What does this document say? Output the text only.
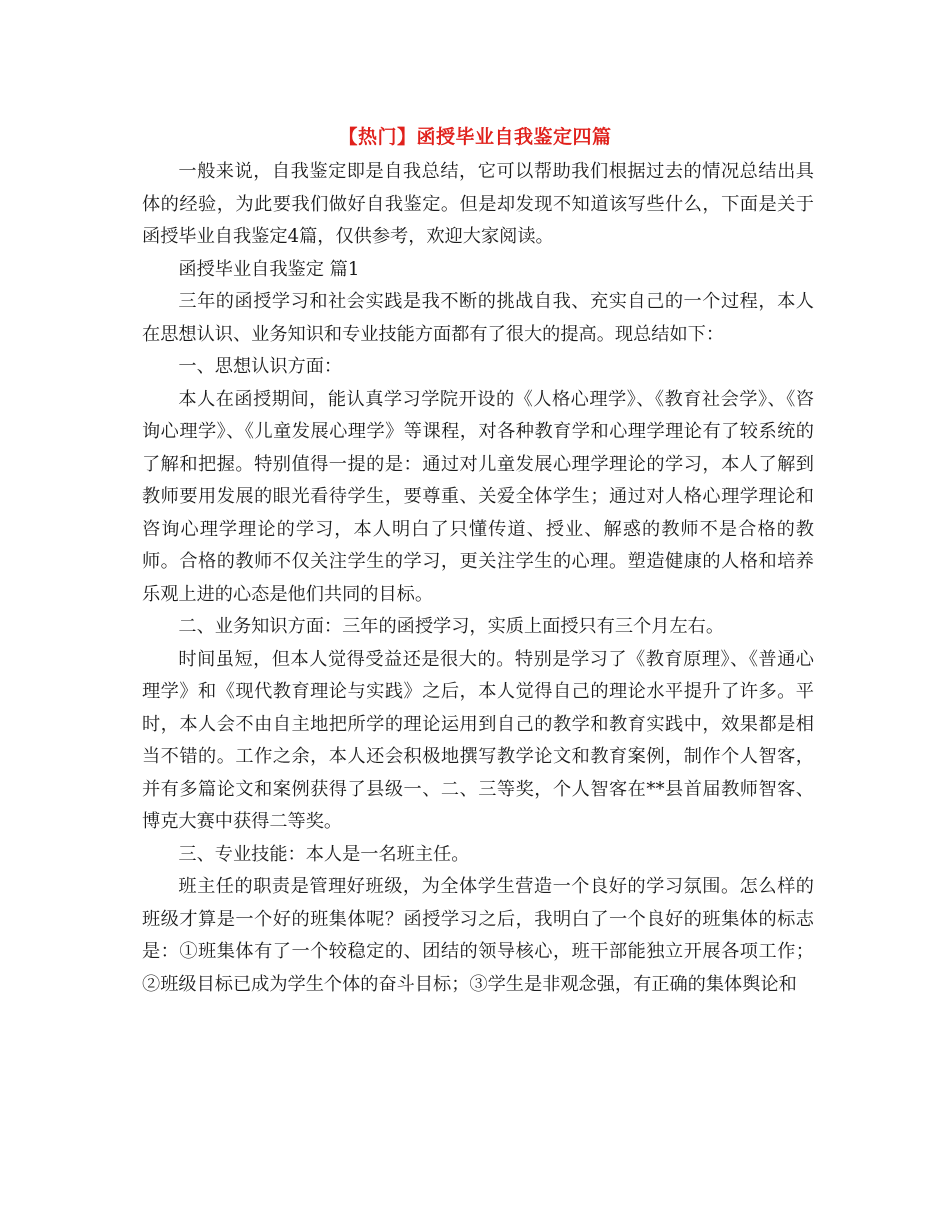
【热门】函授毕业自我鉴定四篇

一般来说，自我鉴定即是自我总结，它可以帮助我们根据过去的情况总结出具体的经验，为此要我们做好自我鉴定。但是却发现不知道该写些什么，下面是关于函授毕业自我鉴定4篇，仅供参考，欢迎大家阅读。

函授毕业自我鉴定 篇1

三年的函授学习和社会实践是我不断的挑战自我、充实自己的一个过程，本人在思想认识、业务知识和专业技能方面都有了很大的提高。现总结如下：

一、思想认识方面：

本人在函授期间，能认真学习学院开设的《人格心理学》、《教育社会学》、《咨询心理学》、《儿童发展心理学》等课程，对各种教育学和心理学理论有了较系统的了解和把握。特别值得一提的是：通过对儿童发展心理学理论的学习，本人了解到教师要用发展的眼光看待学生，要尊重、关爱全体学生；通过对人格心理学理论和咨询心理学理论的学习，本人明白了只懂传道、授业、解惑的教师不是合格的教师。合格的教师不仅关注学生的学习，更关注学生的心理。塑造健康的人格和培养乐观上进的心态是他们共同的目标。

二、业务知识方面：三年的函授学习，实质上面授只有三个月左右。

时间虽短，但本人觉得受益还是很大的。特别是学习了《教育原理》、《普通心理学》和《现代教育理论与实践》之后，本人觉得自己的理论水平提升了许多。平时，本人会不由自主地把所学的理论运用到自己的教学和教育实践中，效果都是相当不错的。工作之余，本人还会积极地撰写教学论文和教育案例，制作个人智客，并有多篇论文和案例获得了县级一、二、三等奖，个人智客在**县首届教师智客、博克大赛中获得二等奖。

三、专业技能：本人是一名班主任。

班主任的职责是管理好班级，为全体学生营造一个良好的学习氛围。怎么样的班级才算是一个好的班集体呢？函授学习之后，我明白了一个良好的班集体的标志是：①班集体有了一个较稳定的、团结的领导核心，班干部能独立开展各项工作；②班级目标已成为学生个体的奋斗目标；③学生是非观念强，有正确的集体舆论和
